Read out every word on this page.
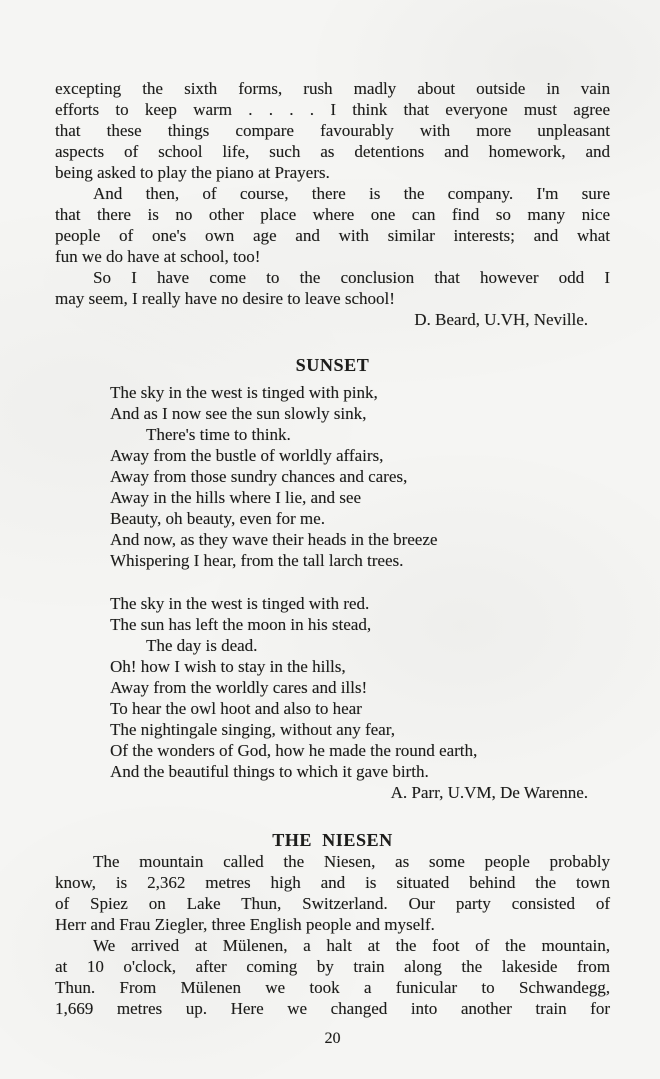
excepting the sixth forms, rush madly about outside in vain
efforts to keep warm . . . . I think that everyone must agree
that these things compare favourably with more unpleasant
aspects of school life, such as detentions and homework, and
being asked to play the piano at Prayers.
And then, of course, there is the company. I'm sure
that there is no other place where one can find so many nice
people of one's own age and with similar interests; and what
fun we do have at school, too!
So I have come to the conclusion that however odd I
may seem, I really have no desire to leave school!
D. Beard, U.VH, Neville.
SUNSET
The sky in the west is tinged with pink,
And as I now see the sun slowly sink,
There's time to think.
Away from the bustle of worldly affairs,
Away from those sundry chances and cares,
Away in the hills where I lie, and see
Beauty, oh beauty, even for me.
And now, as they wave their heads in the breeze
Whispering I hear, from the tall larch trees.
The sky in the west is tinged with red.
The sun has left the moon in his stead,
The day is dead.
Oh! how I wish to stay in the hills,
Away from the worldly cares and ills!
To hear the owl hoot and also to hear
The nightingale singing, without any fear,
Of the wonders of God, how he made the round earth,
And the beautiful things to which it gave birth.
A. Parr, U.VM, De Warenne.
THE NIESEN
The mountain called the Niesen, as some people probably
know, is 2,362 metres high and is situated behind the town
of Spiez on Lake Thun, Switzerland. Our party consisted of
Herr and Frau Ziegler, three English people and myself.
We arrived at Mülenen, a halt at the foot of the mountain,
at 10 o'clock, after coming by train along the lakeside from
Thun. From Mülenen we took a funicular to Schwandegg,
1,669 metres up. Here we changed into another train for
20
